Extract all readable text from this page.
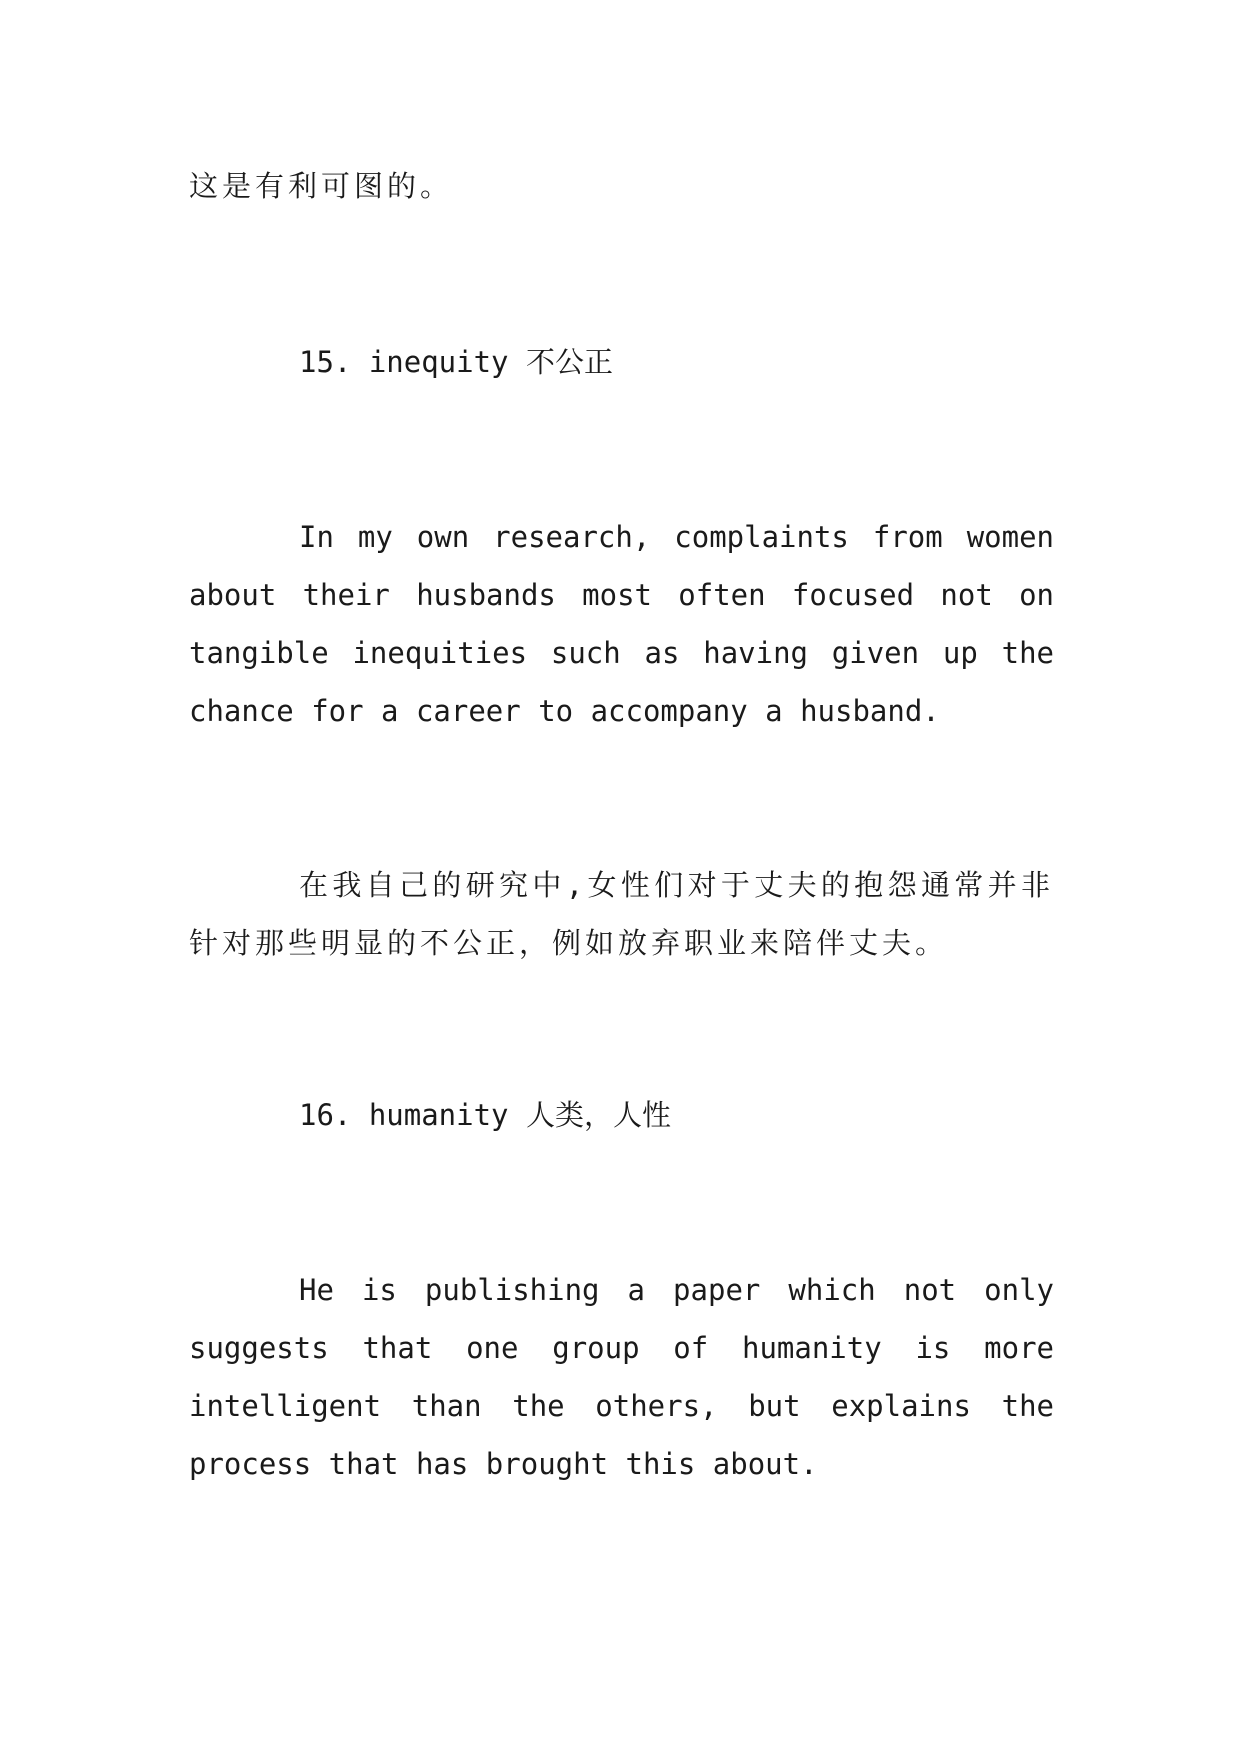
这是有利可图的。

15. inequity 不公正

In my own research, complaints from women

about their husbands most often focused not on

tangible inequities such as having given up the

chance for a career to accompany a husband.

在我自己的研究中,女性们对于丈夫的抱怨通常并非

针对那些明显的不公正，例如放弃职业来陪伴丈夫。

16. humanity 人类，人性

He is publishing a paper which not only

suggests that one group of humanity is more

intelligent than the others, but explains the

process that has brought this about.
